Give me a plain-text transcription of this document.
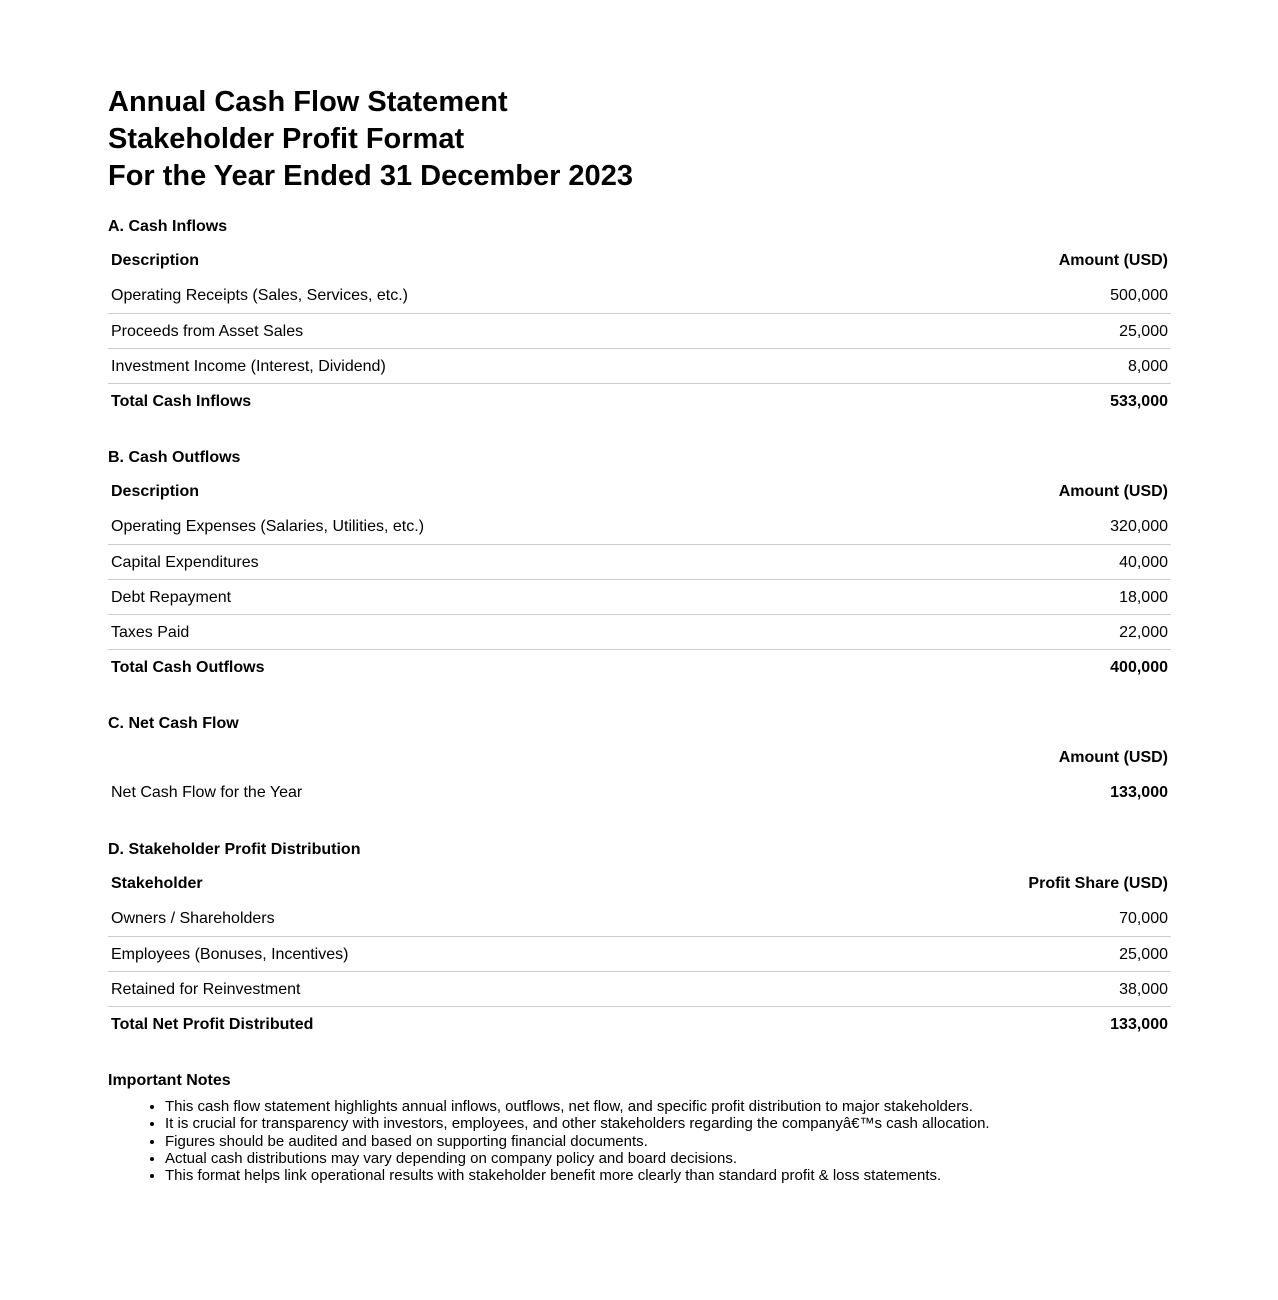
Annual Cash Flow Statement
Stakeholder Profit Format
For the Year Ended 31 December 2023
A. Cash Inflows
Description	Amount (USD)
Operating Receipts (Sales, Services, etc.)	500,000
Proceeds from Asset Sales	25,000
Investment Income (Interest, Dividend)	8,000
Total Cash Inflows	533,000
B. Cash Outflows
Description	Amount (USD)
Operating Expenses (Salaries, Utilities, etc.)	320,000
Capital Expenditures	40,000
Debt Repayment	18,000
Taxes Paid	22,000
Total Cash Outflows	400,000
C. Net Cash Flow
Amount (USD)
Net Cash Flow for the Year	133,000
D. Stakeholder Profit Distribution
Stakeholder	Profit Share (USD)
Owners / Shareholders	70,000
Employees (Bonuses, Incentives)	25,000
Retained for Reinvestment	38,000
Total Net Profit Distributed	133,000
Important Notes
• This cash flow statement highlights annual inflows, outflows, net flow, and specific profit distribution to major stakeholders.
• It is crucial for transparency with investors, employees, and other stakeholders regarding the companyâ€™s cash allocation.
• Figures should be audited and based on supporting financial documents.
• Actual cash distributions may vary depending on company policy and board decisions.
• This format helps link operational results with stakeholder benefit more clearly than standard profit & loss statements.
